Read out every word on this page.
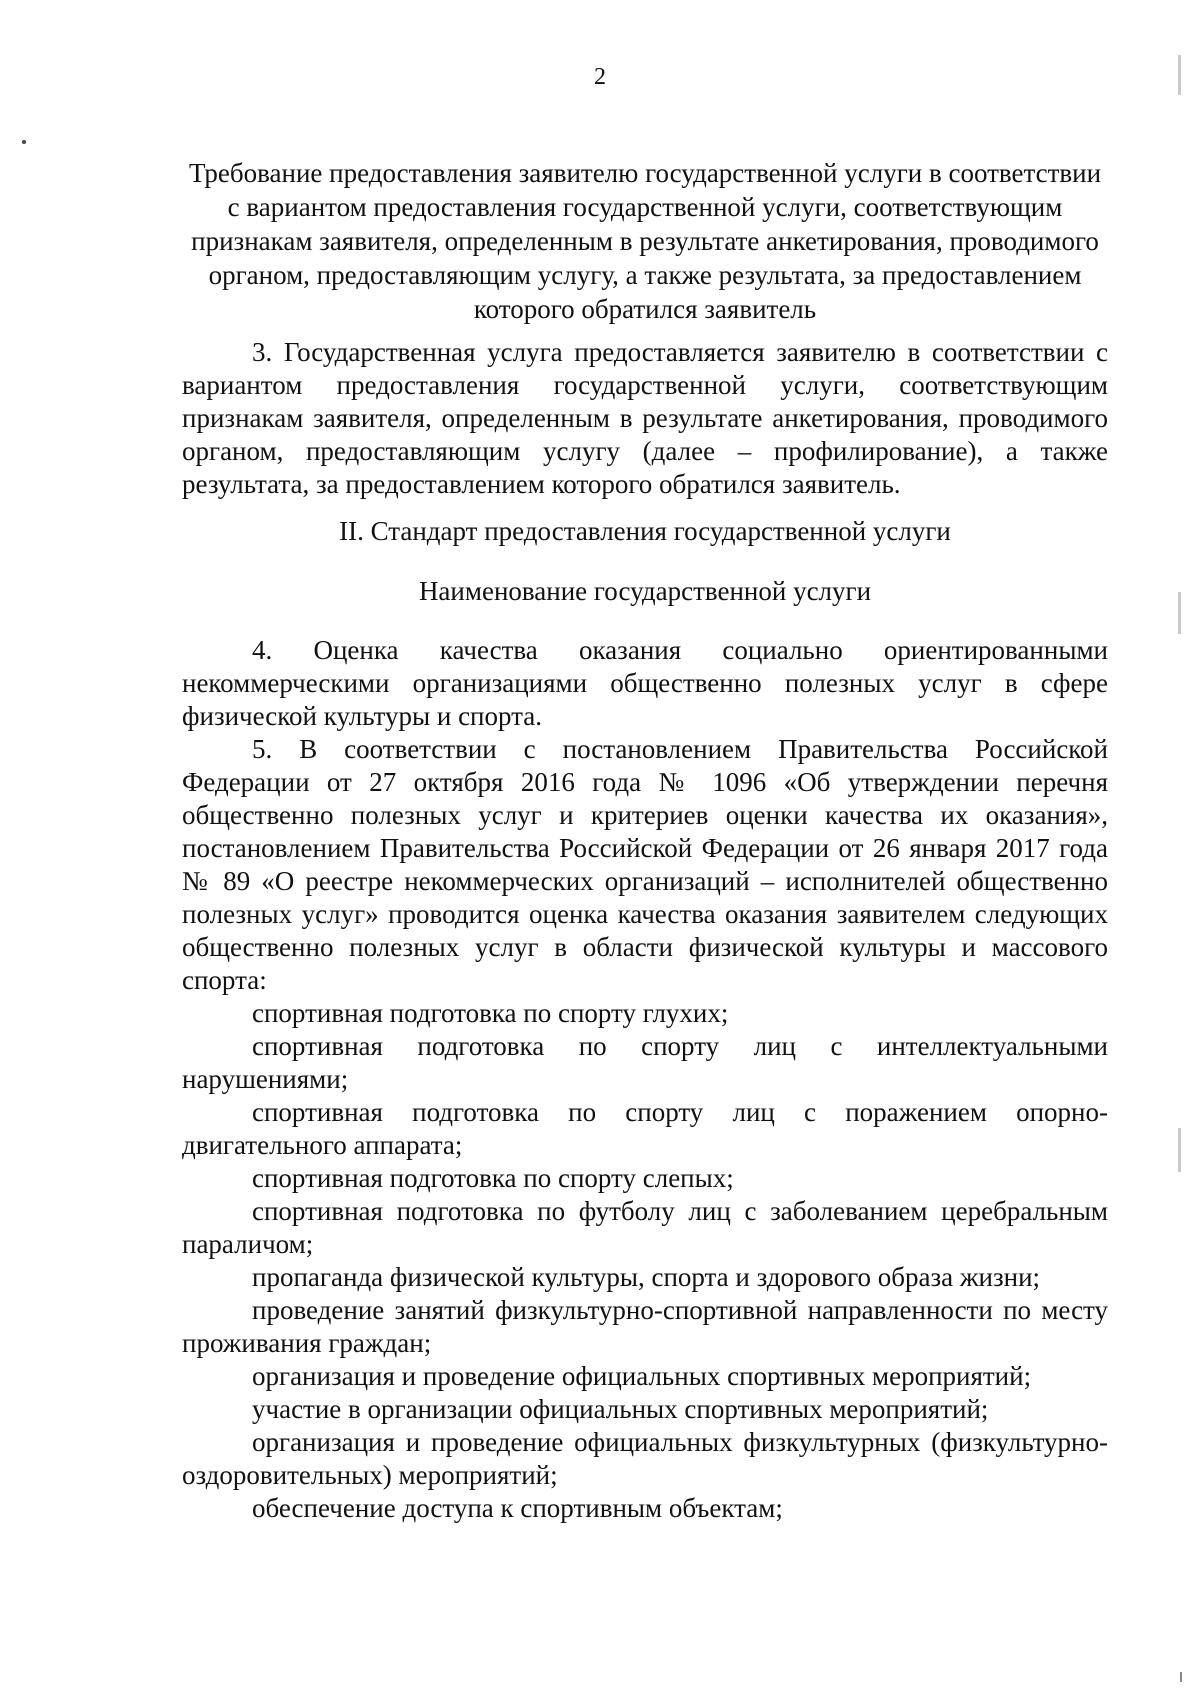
2
Требование предоставления заявителю государственной услуги в соответствии с вариантом предоставления государственной услуги, соответствующим признакам заявителя, определенным в результате анкетирования, проводимого органом, предоставляющим услугу, а также результата, за предоставлением которого обратился заявитель

3. Государственная услуга предоставляется заявителю в соответствии с вариантом предоставления государственной услуги, соответствующим признакам заявителя, определенным в результате анкетирования, проводимого органом, предоставляющим услугу (далее – профилирование), а также результата, за предоставлением которого обратился заявитель.

II. Стандарт предоставления государственной услуги
Наименование государственной услуги

4. Оценка качества оказания социально ориентированными некоммерческими организациями общественно полезных услуг в сфере физической культуры и спорта.

5. В соответствии с постановлением Правительства Российской Федерации от 27 октября 2016 года № 1096 «Об утверждении перечня общественно полезных услуг и критериев оценки качества их оказания», постановлением Правительства Российской Федерации от 26 января 2017 года № 89 «О реестре некоммерческих организаций – исполнителей общественно полезных услуг» проводится оценка качества оказания заявителем следующих общественно полезных услуг в области физической культуры и массового спорта:

спортивная подготовка по спорту глухих;

спортивная подготовка по спорту лиц с интеллектуальными нарушениями;

спортивная подготовка по спорту лиц с поражением опорно-двигательного аппарата;

спортивная подготовка по спорту слепых;

спортивная подготовка по футболу лиц с заболеванием церебральным параличом;

пропаганда физической культуры, спорта и здорового образа жизни;

проведение занятий физкультурно-спортивной направленности по месту проживания граждан;

организация и проведение официальных спортивных мероприятий;

участие в организации официальных спортивных мероприятий;

организация и проведение официальных физкультурных (физкультурно-оздоровительных) мероприятий;

обеспечение доступа к спортивным объектам;
